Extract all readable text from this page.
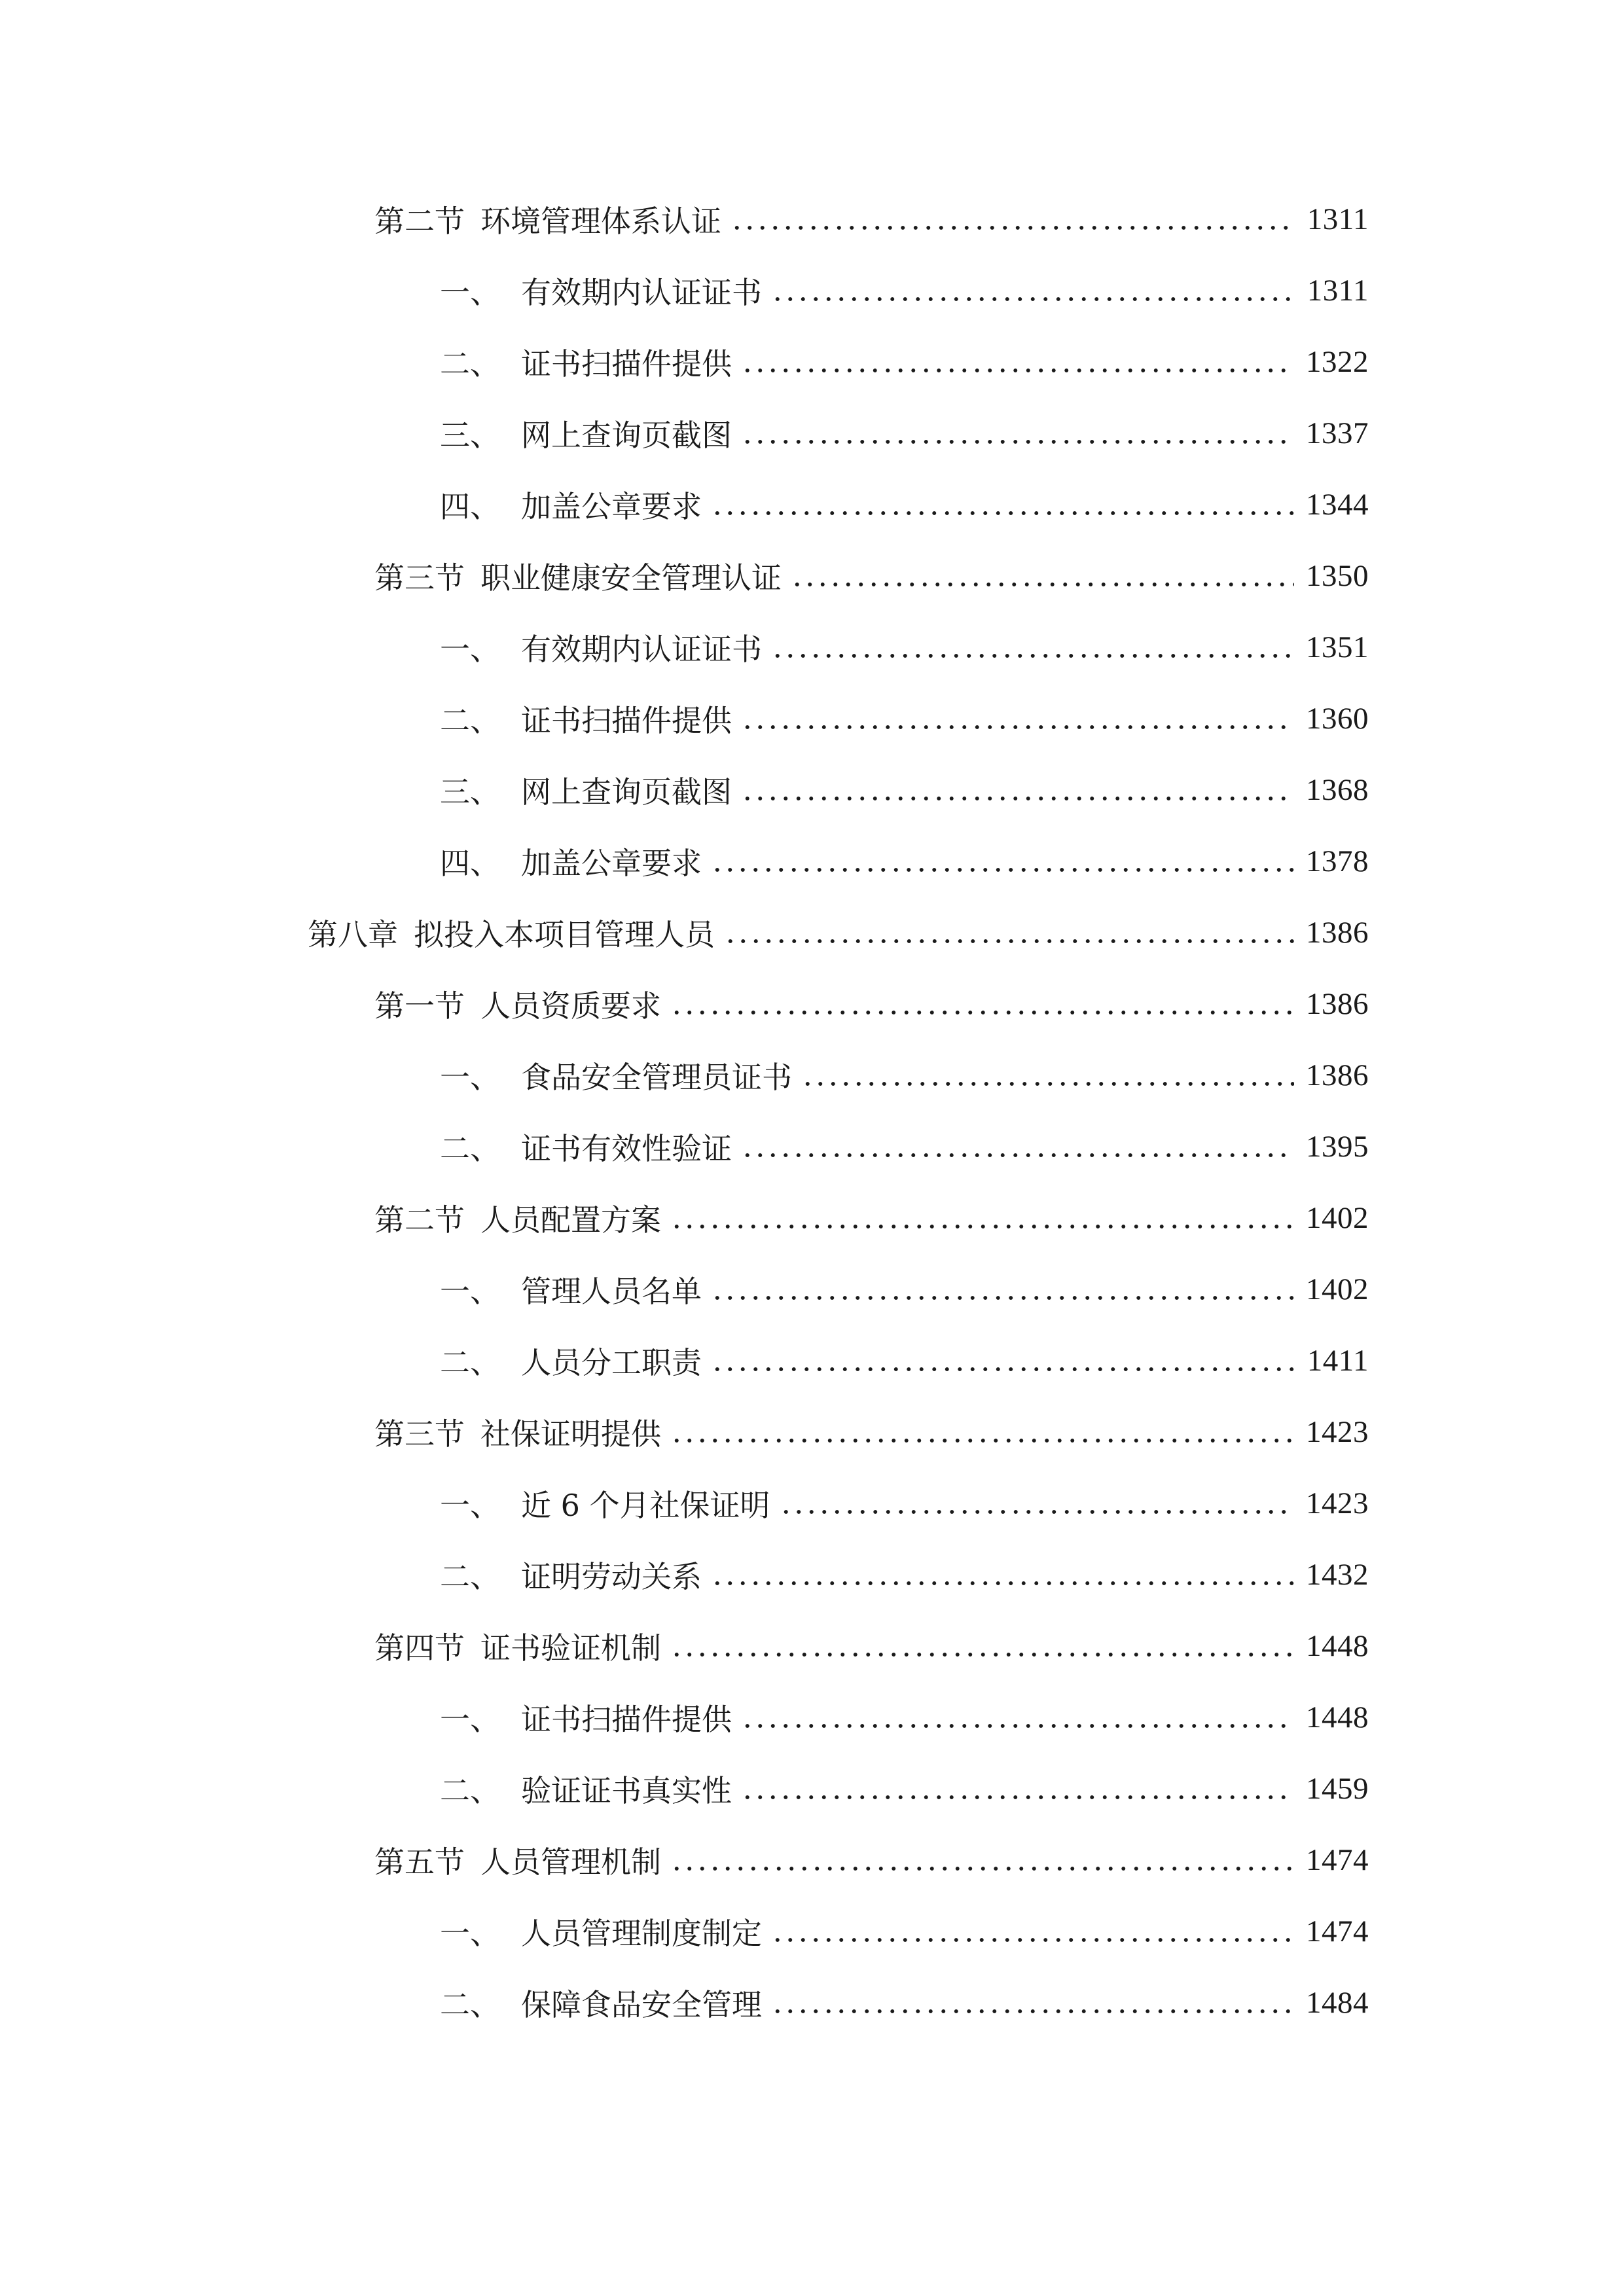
第二节 环境管理体系认证	1311
一、 有效期内认证证书	1311
二、 证书扫描件提供	1322
三、 网上查询页截图	1337
四、 加盖公章要求	1344
第三节 职业健康安全管理认证	1350
一、 有效期内认证证书	1351
二、 证书扫描件提供	1360
三、 网上查询页截图	1368
四、 加盖公章要求	1378
第八章 拟投入本项目管理人员	1386
第一节 人员资质要求	1386
一、 食品安全管理员证书	1386
二、 证书有效性验证	1395
第二节 人员配置方案	1402
一、 管理人员名单	1402
二、 人员分工职责	1411
第三节 社保证明提供	1423
一、 近 6 个月社保证明	1423
二、 证明劳动关系	1432
第四节 证书验证机制	1448
一、 证书扫描件提供	1448
二、 验证证书真实性	1459
第五节 人员管理机制	1474
一、 人员管理制度制定	1474
二、 保障食品安全管理	1484
